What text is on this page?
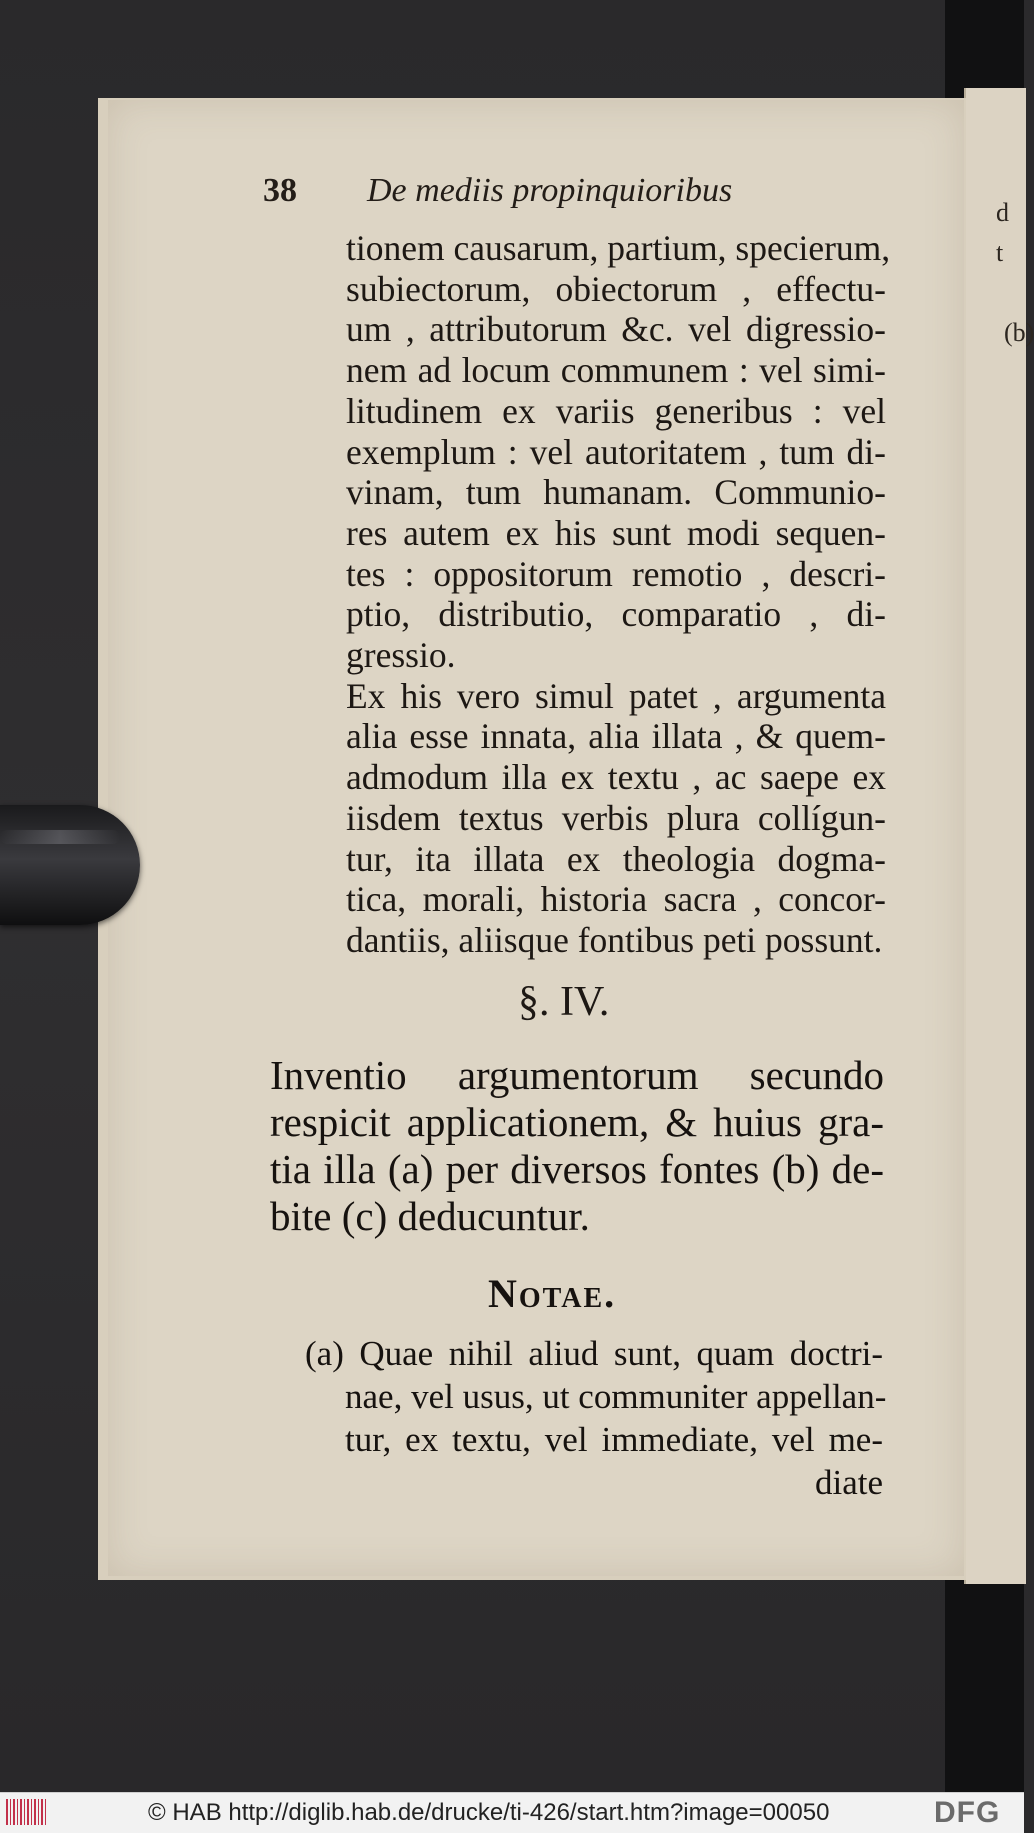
d
t
(b)
38 De mediis propinquioribus
tionem causarum, partium, specierum,
subiectorum, obiectorum , effectu-
um , attributorum &c. vel digressio-
nem ad locum communem : vel simi-
litudinem ex variis generibus : vel
exemplum : vel autoritatem , tum di-
vinam, tum humanam. Communio-
res autem ex his sunt modi sequen-
tes : oppositorum remotio , descri-
ptio, distributio, comparatio , di-
gressio.
Ex his vero simul patet , argumenta
alia esse innata, alia illata , & quem-
admodum illa ex textu , ac saepe ex
iisdem textus verbis plura collígun-
tur, ita illata ex theologia dogma-
tica, morali, historia sacra , concor-
dantiis, aliisque fontibus peti possunt.
§. IV.
Inventio argumentorum secundo
respicit applicationem, & huius gra-
tia illa (a) per diversos fontes (b) de-
bite (c) deducuntur.
Notae.
(a) Quae nihil aliud sunt, quam doctri-
nae, vel usus, ut communiter appellan-
tur, ex textu, vel immediate, vel me-
diate
© HAB http://diglib.hab.de/drucke/ti-426/start.htm?image=00050	DFG
